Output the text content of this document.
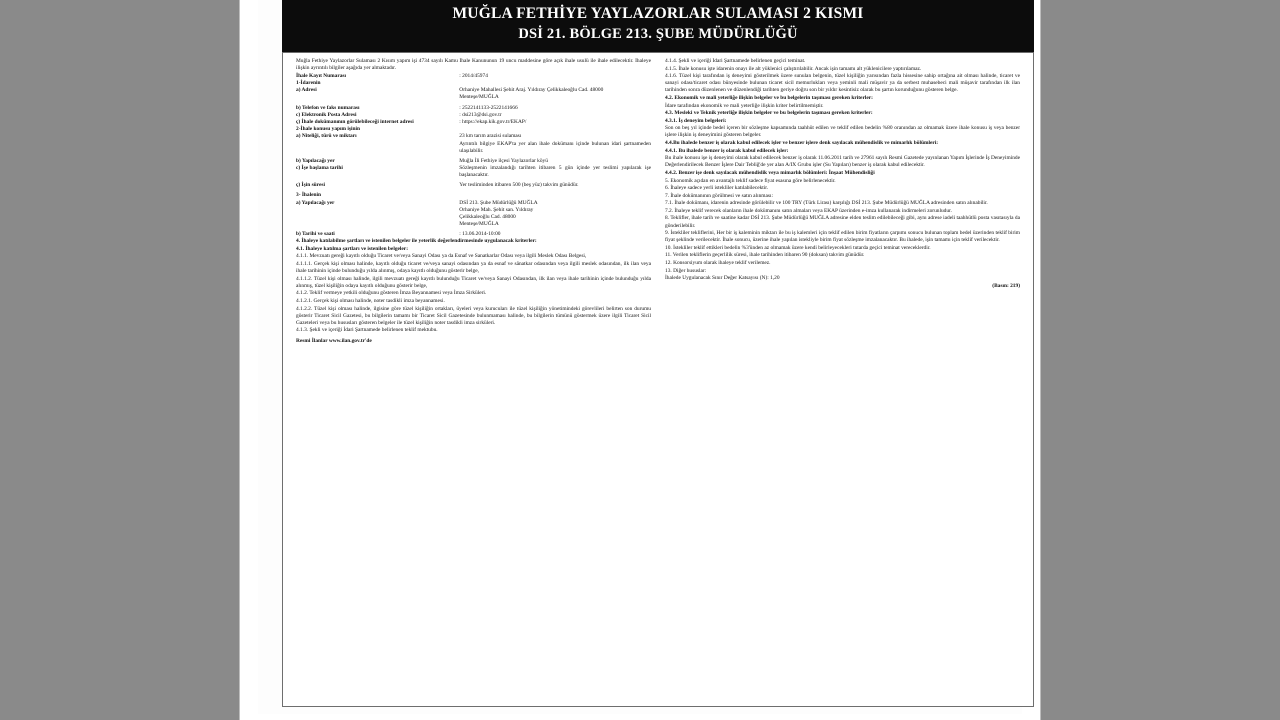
MUĞLA FETHİYE YAYLAZORLAR SULAMASI 2 KISMI
DSİ 21. BÖLGE 213. ŞUBE MÜDÜRLÜĞÜ
Muğla Fethiye Yaylazorlar Sulaması 2 Kısım yapım işi 4734 sayılı Kamu İhale Kanununun 19 uncu maddesine göre açık ihale usulü ile ihale edilecektir. İhaleye ilişkin ayrıntılı bilgiler aşağıda yer almaktadır.
İhale Kayıt Numarası	: 2014/45974
1-İdarenin
a) Adresi	Orhaniye Mahallesi Şehit Araj. Yıldıray Çelikkaleoğlu Cad. 48000
Menteşe/MUĞLA
b) Telefon ve faks numarası	: 2522141133-2522141666
c) Elektronik Posta Adresi	: dsi213@dsi.gov.tr
ç) İhale dokümanının görülebileceği internet adresi	: https://ekap.kik.gov.tr/EKAP/
2-İhale konusu yapım işinin
a) Niteliği, türü ve miktarı	23 km tarım arazisi sulaması
Ayrıntılı bilgiye EKAP'ta yer alan ihale dokümanı içinde bulunan idari şartnameden ulaşılabilir.
b) Yapılacağı yer	Muğla İli Fethiye ilçesi Yaylazorlar köyü
c) İşe başlama tarihi	Sözleşmenin imzalandığı tarihten itibaren 5 gün içinde yer teslimi yapılarak işe başlanacaktır.
ç) İşin süresi	Yer tesliminden itibaren 500 (beş yüz) takvim günüdür.
3- İhalenin
a) Yapılacağı yer	DSİ 213. Şube Müdürlüğü MUĞLA
Orhaniye Mah. Şehit san. Yıldıray
Çelikkaleoğlu Cad. 48000
Menteşe/MUĞLA
b) Tarihi ve saati	: 13.06.2014-10:00
4. İhaleye katılabilme şartları ve istenilen belgeler ile yeterlik değerlendirmesinde uygulanacak kriterler:
4.1. İhaleye katılma şartları ve istenilen belgeler:
4.1.1. Mevzuatı gereği kayıtlı olduğu Ticaret ve/veya Sanayi Odası ya da Esnaf ve Sanatkarlar Odası veya ilgili Meslek Odası Belgesi,
4.1.1.1. Gerçek kişi olması halinde, kayıtlı olduğu ticaret ve/veya sanayi odasından ya da esnaf ve sânatkar odasından veya ilgili meslek odasından, ilk ilan veya ihale tarihinin içinde bulunduğu yılda alınmış, odaya kayıtlı olduğunu gösterir belge,
4.1.1.2. Tüzel kişi olması halinde, ilgili mevzuatı gereği kayıtlı bulunduğu Ticaret ve/veya Sanayi Odasından, ilk ilan veya ihale tarihinin içinde bulunduğu yılda alınmış, tüzel kişiliğin odaya kayıtlı olduğunu gösterir belge,
4.1.2. Teklif vermeye yetkili olduğunu gösteren İmza Beyannamesi veya İmza Sirküleri.
4.1.2.1. Gerçek kişi olması halinde, noter tasdikli imza beyannamesi.
4.1.2.2. Tüzel kişi olması halinde, ilgisine göre tüzel kişiliğin ortakları, üyeleri veya kurucuları ile tüzel kişiliğin yönetimindeki görevlileri belirten son durumu gösterir Ticaret Sicil Gazetesi, bu bilgilerin tamamı bir Ticaret Sicil Gazetesinde bulunmaması halinde, bu bilgilerin tümünü göstermek üzere ilgili Ticaret Sicil Gazeteleri veya bu hususları gösteren belgeler ile tüzel kişiliğin noter tasdikli imza sirküleri.
4.1.3. Şekli ve içeriği İdari Şartnamede belirlenen teklif mektubu.
Resmi İlanlar www.ilan.gov.tr'de
4.1.4. Şekli ve içeriği İdari Şartnamede belirlenen geçici teminat.
4.1.5. İhale konusu işte idarenin onayı ile alt yüklenici çalıştırılabilir. Ancak işin tamamı alt yüklenicilere yaptırılamaz.
4.1.6. Tüzel kişi tarafından iş deneyimi gösterilmek üzere sunulan belgenin, tüzel kişiliğin yarısından fazla hissesine sahip ortağına ait olması halinde, ticaret ve sanayi odası/ticaret odası bünyesinde bulunan ticaret sicil memurlukları veya yeminli mali müşavir ya da serbest muhasebeci mali müşavir tarafından ilk ilan tarihinden sonra düzenlenen ve düzenlendiği tarihten geriye doğru son bir yıldır kesintisiz olarak bu şartın korunduğunu gösteren belge.
4.2. Ekonomik ve mali yeterliğe ilişkin belgeler ve bu belgelerin taşıması gereken kriterler:
İdare tarafından ekonomik ve mali yeterliğe ilişkin kriter belirtilmemiştir.
4.3. Mesleki ve Teknik yeterliğe ilişkin belgeler ve bu belgelerin taşıması gereken kriterler:
4.3.1. İş deneyim belgeleri:
Son on beş yıl içinde bedel içeren bir sözleşme kapsamında taahhüt edilen ve teklif edilen bedelin %80 oranından az olmamak üzere ihale konusu iş veya benzer işlere ilişkin iş deneyimini gösteren belgeler.
4.4.Bu ihalede benzer iş olarak kabul edilecek işler ve benzer işlere denk sayılacak mühendislik ve mimarlık bölümleri:
4.4.1. Bu ihalede benzer iş olarak kabul edilecek işler:
Bu ihale konusu işe iş deneyimi olarak kabul edilecek benzer iş olarak 11.06.2011 tarih ve 27961 sayılı Resmi Gazetede yayınlanan Yapım İşlerinde İş Deneyiminde Değerlendirilecek Benzer İşlere Dair Tebliğ'de yer alan A/IX Grubu işler (Su Yapıları) benzer iş olarak kabul edilecektir.
4.4.2. Benzer işe denk sayılacak mühendislik veya mimarlık bölümleri: İnşaat Mühendisliği
5. Ekonomik açıdan en avantajlı teklif sadece fiyat esasına göre belirlenecektir.
6. İhaleye sadece yerli istekliler katılabilecektir.
7. İhale dokümanının görülmesi ve satın alınması:
7.1. İhale dokümanı, idarenin adresinde görülebilir ve 100 TRY (Türk Lirası) karşılığı DSİ 213. Şube Müdürlüğü MUĞLA adresinden satın alınabilir.
7.2. İhaleye teklif verecek olanların ihale dokümanını satın almaları veya EKAP üzerinden e-imza kullanarak indirmeleri zorunludur.
8. Teklifler, ihale tarih ve saatine kadar DSİ 213. Şube Müdürlüğü MUĞLA adresine elden teslim edilebileceği gibi, aynı adrese iadeli taahhütlü posta vasıtasıyla da gönderilebilir.
9. İstekliler tekliflerini, Her bir iş kaleminin miktarı ile bu iş kalemleri için teklif edilen birim fiyatların çarpımı sonucu bulunan toplam bedel üzerinden teklif birim fiyat şeklinde verilecektir. İhale sonucu, üzerine ihale yapılan istekliyle birim fiyat sözleşme imzalanacaktır. Bu ihalede, işin tamamı için teklif verilecektir.
10. İstekliler teklif ettikleri bedelin %3'ünden az olmamak üzere kendi belirleyecekleri tutarda geçici teminat vereceklerdir.
11. Verilen tekliflerin geçerlilik süresi, ihale tarihinden itibaren 90 (doksan) takvim günüdür.
12. Konsorsiyum olarak ihaleye teklif verilemez.
13. Diğer hususlar:
İhalede Uygulanacak Sınır Değer Katsayısı (N): 1,20
(Basın: 219)
